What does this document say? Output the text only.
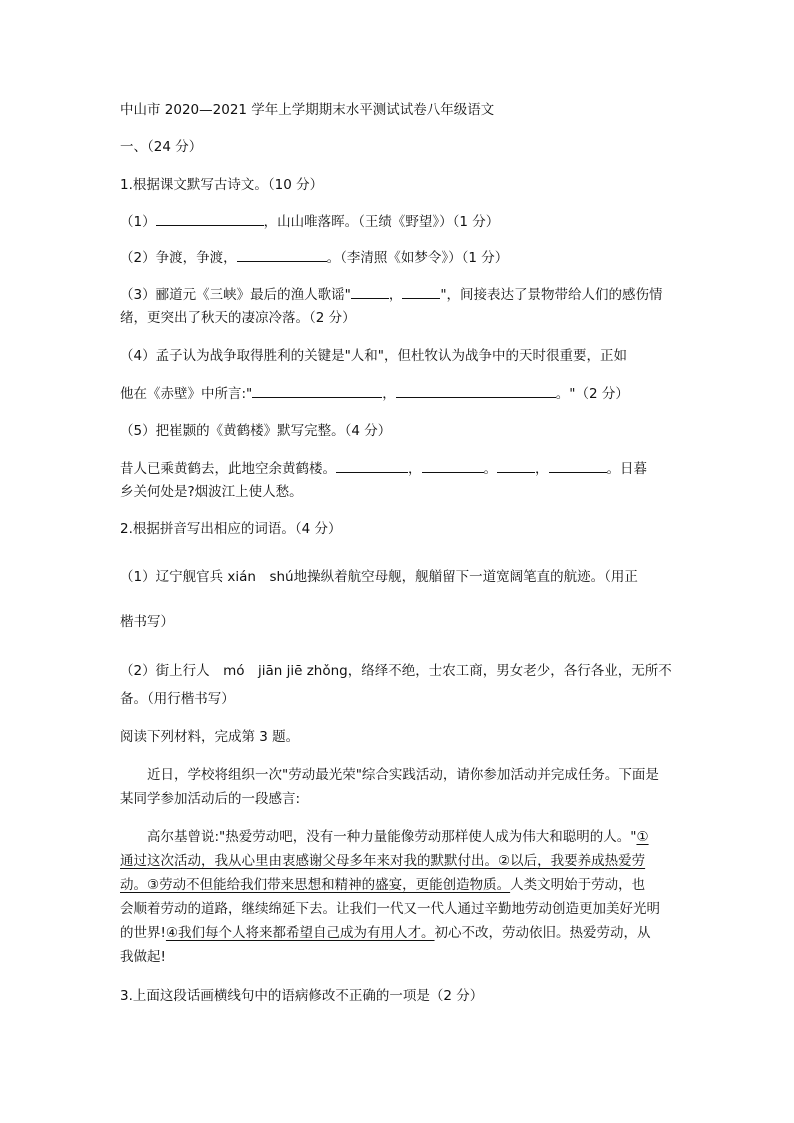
中山市 2020—2021 学年上学期期末水平测试试卷八年级语文
一、（24 分）
1.根据课文默写古诗文。（10 分）
（1）	，山山唯落晖。（王绩《野望》）（1 分）
（2）争渡，争渡，	。（李清照《如梦令》）（1 分）
（3）郦道元《三峡》最后的渔人歌谣"	，	"，间接表达了景物带给人们的感伤情
绪，更突出了秋天的凄凉冷落。（2 分）
（4）孟子认为战争取得胜利的关键是"人和"，但杜牧认为战争中的天时很重要，正如
他在《赤壁》中所言:"	，	。"（2 分）
（5）把崔颢的《黄鹤楼》默写完整。（4 分）
昔人已乘黄鹤去，此地空余黄鹤楼。	，	。	，	。日暮
乡关何处是?烟波江上使人愁。
2.根据拼音写出相应的词语。（4 分）
（1）辽宁舰官兵 xián　shú地操纵着航空母舰，舰艏留下一道宽阔笔直的航迹。（用正
楷书写）
（2）街上行人　mó　jiān jiē zhǒng，络绎不绝，士农工商，男女老少，各行各业，无所不
备。（用行楷书写）
阅读下列材料，完成第 3 题。
近日，学校将组织一次"劳动最光荣"综合实践活动，请你参加活动并完成任务。下面是
某同学参加活动后的一段感言:
高尔基曾说:"热爱劳动吧，没有一种力量能像劳动那样使人成为伟大和聪明的人。"①
通过这次活动，我从心里由衷感谢父母多年来对我的默默付出。②以后，我要养成热爱劳
动。③劳动不但能给我们带来思想和精神的盛宴，更能创造物质。人类文明始于劳动，也
会顺着劳动的道路，继续绵延下去。让我们一代又一代人通过辛勤地劳动创造更加美好光明
的世界!④我们每个人将来都希望自己成为有用人才。初心不改，劳动依旧。热爱劳动，从
我做起!
3.上面这段话画横线句中的语病修改不正确的一项是（2 分）
